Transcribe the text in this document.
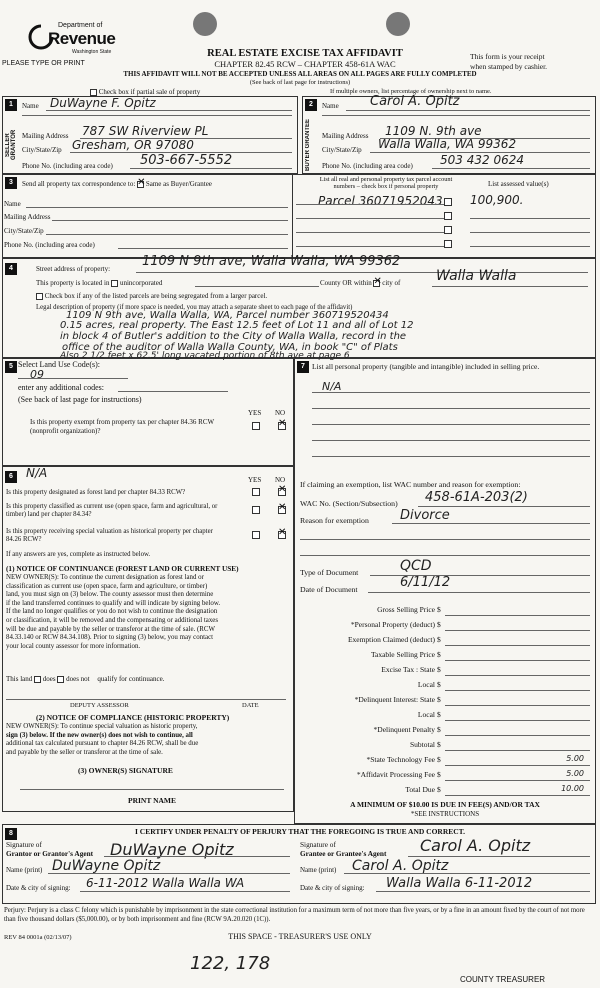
Department of
Revenue
Washington State
PLEASE TYPE OR PRINT
REAL ESTATE EXCISE TAX AFFIDAVIT
CHAPTER 82.45 RCW – CHAPTER 458-61A WAC
This form is your receipt
when stamped by cashier.
THIS AFFIDAVIT WILL NOT BE ACCEPTED UNLESS ALL AREAS ON ALL PAGES ARE FULLY COMPLETED
(See back of last page for instructions)
Check box if partial sale of property	If multiple owners, list percentage of ownership next to name.
1
SELLER GRANTOR
Name DuWayne F. Opitz
Mailing Address 787 SW Riverview PL
City/State/Zip Gresham, OR 97080
Phone No. (including area code) 503-667-5552
2
BUYER GRANTEE
Name Carol A. Opitz
Mailing Address 1109 N. 9th ave
City/State/Zip Walla Walla, WA 99362
Phone No. (including area code) 503 432 0624
3	Send all property tax correspondence to: ✕ Same as Buyer/Grantee
Name
Mailing Address
City/State/Zip
Phone No. (including area code)
List all real and personal property tax parcel account
numbers – check box if personal property	List assessed value(s)
Parcel 36071952043 100,900.
4	Street address of property: 1109 N 9th ave, Walla Walla, WA 99362
This property is located in unincorporated	County OR within ✕ city of	Walla Walla
Check box if any of the listed parcels are being segregated from a larger parcel.
Legal description of property (if more space is needed, you may attach a separate sheet to each page of the affidavit)
1109 N 9th ave, Walla Walla, WA, Parcel number 360719520434
0.15 acres, real property. The East 12.5 feet of Lot 11 and all of Lot 12
in block 4 of Butler's addition to the City of Walla Walla, record in the
office of the auditor of Walla Walla County, WA, in book "C" of Plats
Also 2 1/2 feet x 62.5' long vacated portion of 8th ave at page 6
5 Select Land Use Code(s):
09
enter any additional codes:
(See back of last page for instructions)
YES NO
Is this property exempt from property tax per chapter 84.36 RCW (nonprofit organization)?
✕
6	N/A	YES NO
Is this property designated as forest land per chapter 84.33 RCW?
✕
Is this property classified as current use (open space, farm and agricultural, or timber) land per chapter 84.34?
✕
Is this property receiving special valuation as historical property per chapter 84.26 RCW?
✕
If any answers are yes, complete as instructed below.
(1) NOTICE OF CONTINUANCE (FOREST LAND OR CURRENT USE)
NEW OWNER(S): To continue the current designation as forest land or
classification as current use (open space, farm and agriculture, or timber)
land, you must sign on (3) below. The county assessor must then determine
if the land transferred continues to qualify and will indicate by signing below.
If the land no longer qualifies or you do not wish to continue the designation
or classification, it will be removed and the compensating or additional taxes
will be due and payable by the seller or transferor at the time of sale. (RCW
84.33.140 or RCW 84.34.108). Prior to signing (3) below, you may contact
your local county assessor for more information.
This land does does not qualify for continuance.
DEPUTY ASSESSOR	DATE
(2) NOTICE OF COMPLIANCE (HISTORIC PROPERTY)
NEW OWNER(S): To continue special valuation as historic property,
sign (3) below. If the new owner(s) does not wish to continue, all
additional tax calculated pursuant to chapter 84.26 RCW, shall be due
and payable by the seller or transferor at the time of sale.
(3) OWNER(S) SIGNATURE
PRINT NAME
7 List all personal property (tangible and intangible) included in selling price.
N/A
If claiming an exemption, list WAC number and reason for exemption:
WAC No. (Section/Subsection) 458-61A-203(2)
Reason for exemption Divorce
Type of Document	QCD
Date of Document	6/11/12
Gross Selling Price $
*Personal Property (deduct) $
Exemption Claimed (deduct) $
Taxable Selling Price $
Excise Tax : State $
Local $
*Delinquent Interest: State $
Local $
*Delinquent Penalty $
Subtotal $
*State Technology Fee $	5.00
*Affidavit Processing Fee $	5.00
Total Due $	10.00
A MINIMUM OF $10.00 IS DUE IN FEE(S) AND/OR TAX
*SEE INSTRUCTIONS
8	I CERTIFY UNDER PENALTY OF PERJURY THAT THE FOREGOING IS TRUE AND CORRECT.
Signature of
Grantor or Grantor's Agent DuWayne Opitz
Name (print) DuWayne Opitz
Date & city of signing: 6-11-2012 Walla Walla WA
Signature of
Grantee or Grantee's Agent Carol A. Opitz
Name (print) Carol A. Opitz
Date & city of signing: Walla Walla 6-11-2012
Perjury: Perjury is a class C felony which is punishable by imprisonment in the state correctional institution for a maximum term of not more than five years, or by a fine in an amount fixed by the court of not more than five thousand dollars ($5,000.00), or by both imprisonment and fine (RCW 9A.20.020 (1C)).
REV 84 0001a (02/13/07)	THIS SPACE - TREASURER'S USE ONLY
122, 178
COUNTY TREASURER
